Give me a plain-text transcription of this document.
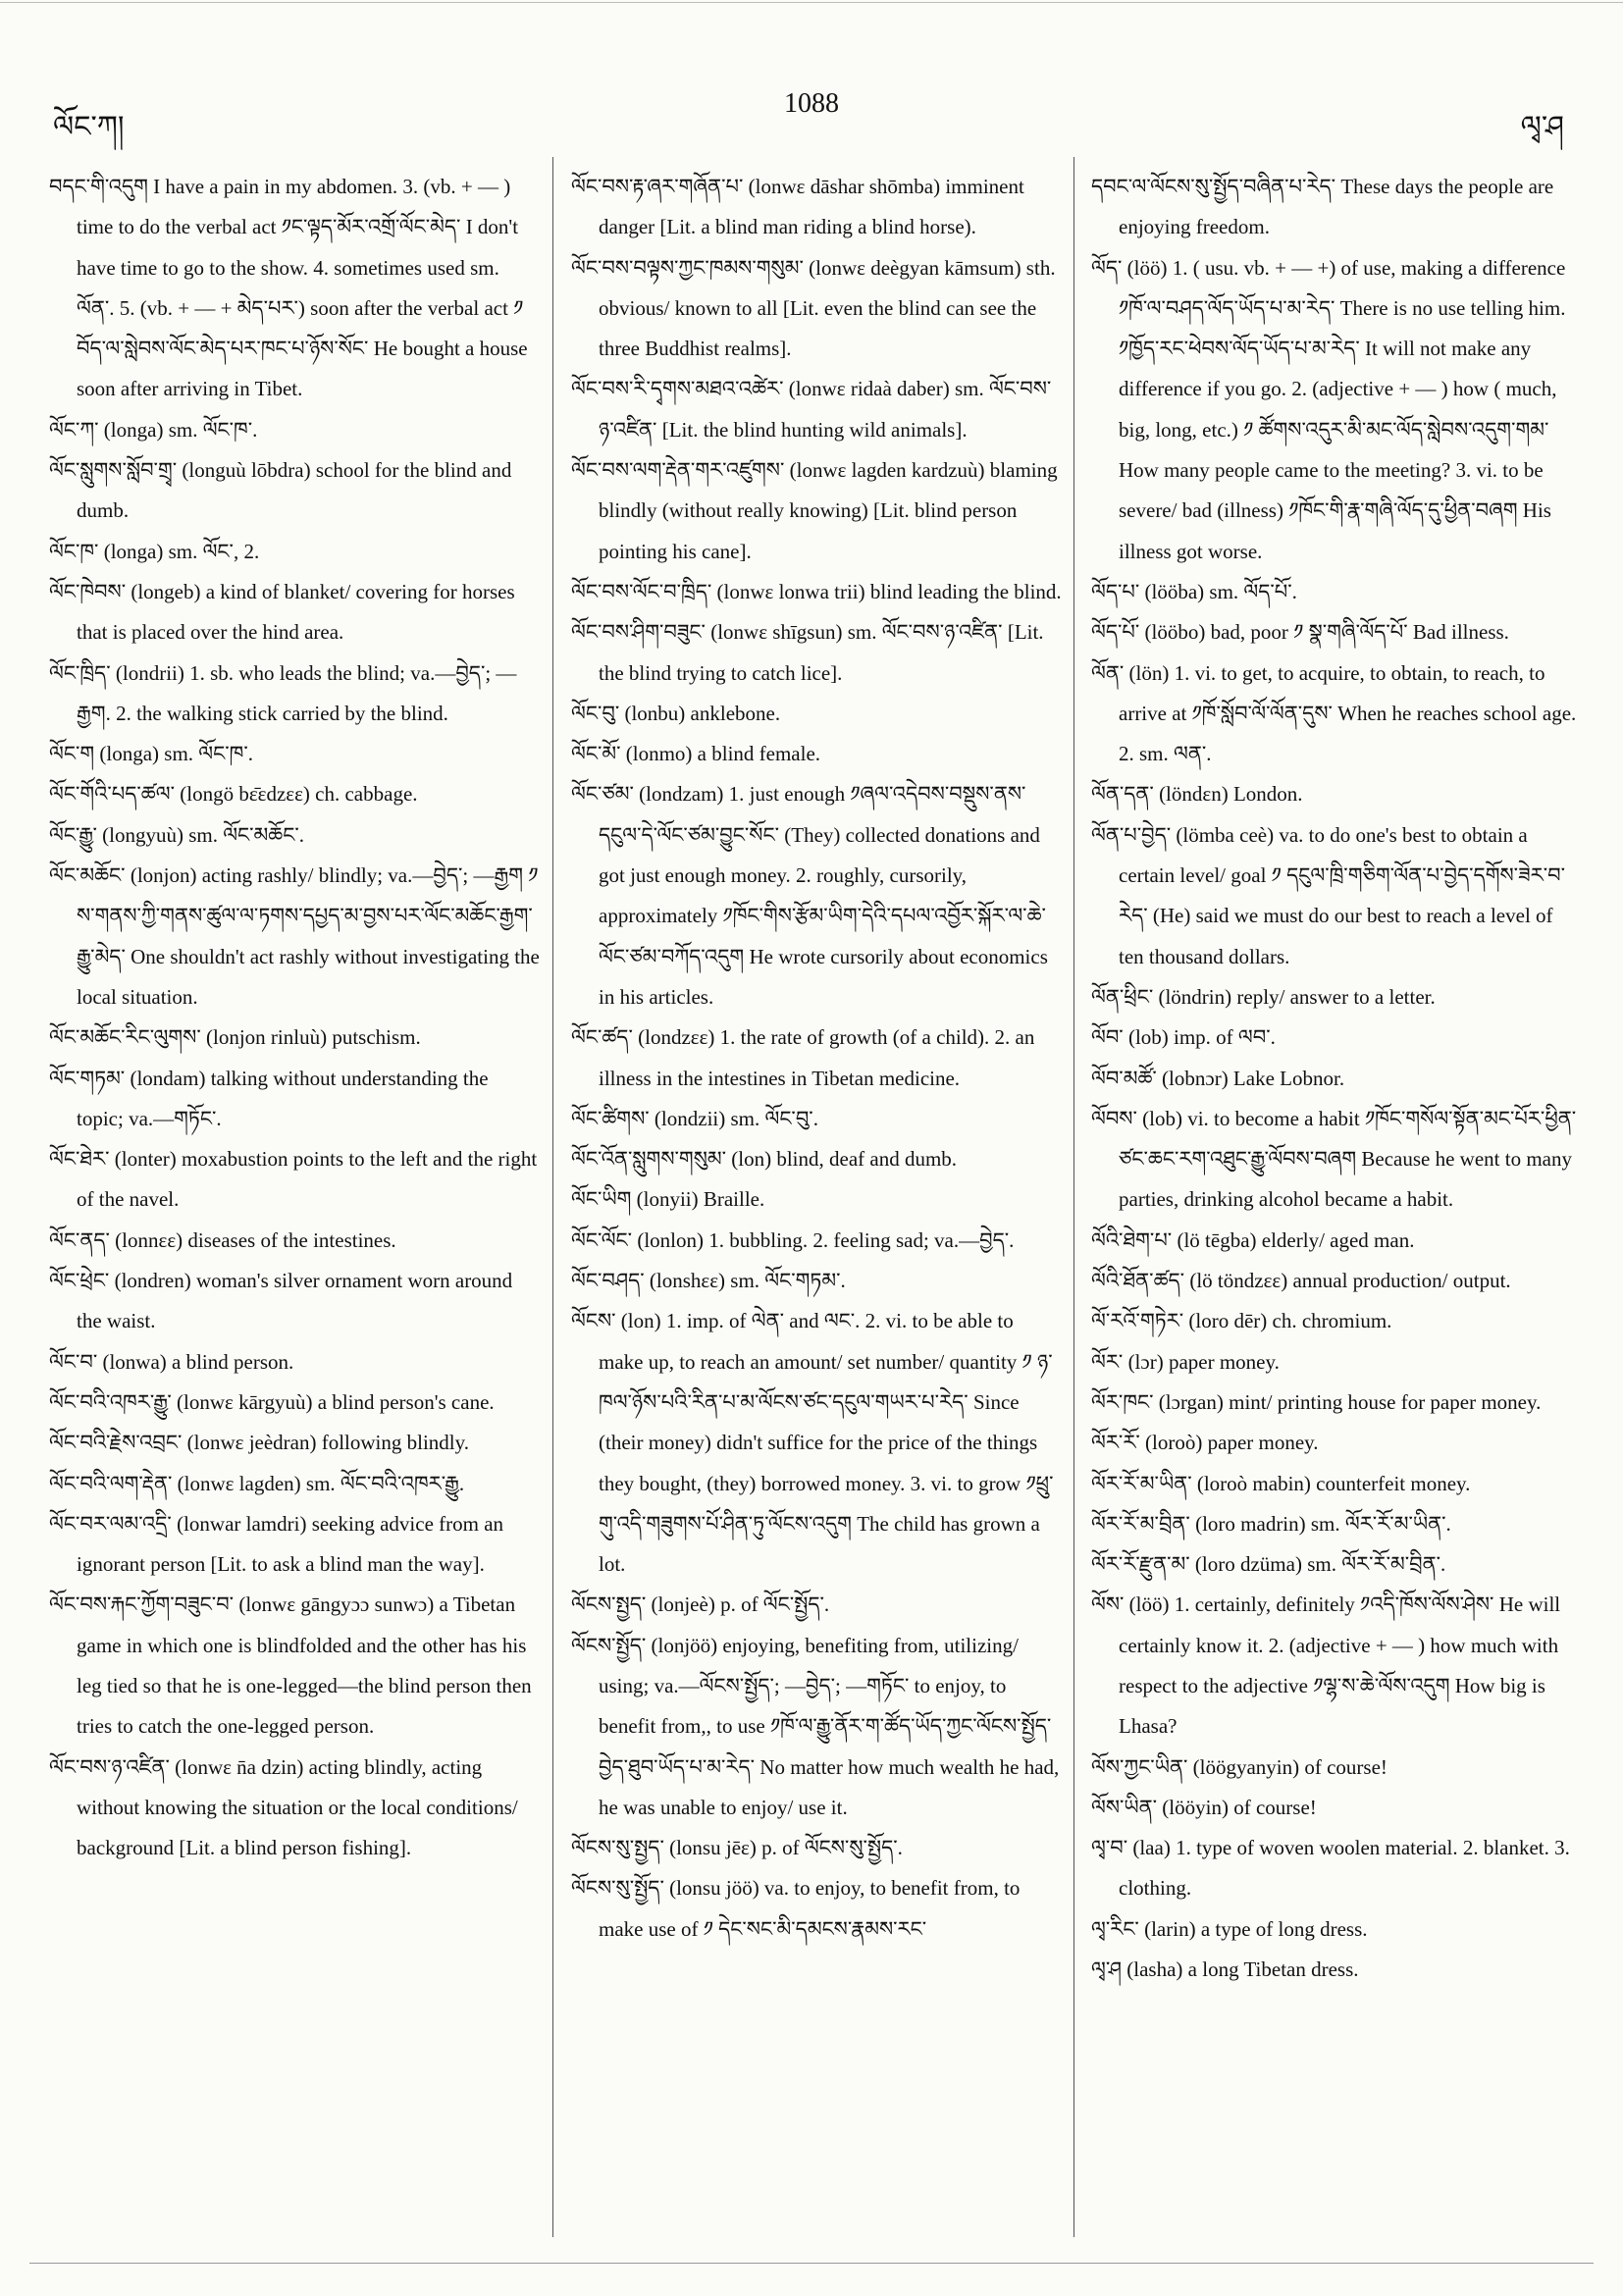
ལོང་ཀ།
1088
ལྭ་ཤ

བདང་གི་འདུག I have a pain in my abdomen. 3. (vb. + — ) time to do the verbal act ༡ང་ལྟད་མོར་འགྲོ་ལོང་མེད་ I don't have time to go to the show. 4. sometimes used sm. ལོན་. 5. (vb. + — + མེད་པར་) soon after the verbal act ༡ བོད་ལ་སླེབས་ལོང་མེད་པར་ཁང་པ་ཉོས་སོང་ He bought a house soon after arriving in Tibet.

ལོང་ཀ་ (longa) sm. ལོང་ཁ་.

ལོང་སླུགས་སློབ་གྲྭ་ (longuù lōbdra) school for the blind and dumb.

ལོང་ཁ་ (longa) sm. ལོང་, 2.

ལོང་ཁེབས་ (longeb) a kind of blanket/ covering for horses that is placed over the hind area.

ལོང་ཁྲིད་ (londrii) 1. sb. who leads the blind; va.—བྱེད་; —རྒྱག. 2. the walking stick carried by the blind.

ལོང་ག (longa) sm. ལོང་ཁ་.

ལོང་གོའི་པད་ཚལ་ (longö bɛ̄ɛdzɛɛ) ch. cabbage.

ལོང་རྒྱུ་ (longyuù) sm. ལོང་མཆོང་.

ལོང་མཆོང་ (lonjon) acting rashly/ blindly; va.—བྱེད་; —རྒྱག ༡ ས་གནས་ཀྱི་གནས་ཚུལ་ལ་ཏགས་དཔྱད་མ་བྱས་པར་ལོང་མཆོང་རྒྱག་རྒྱུ་མེད་ One shouldn't act rashly without investigating the local situation.

ལོང་མཆོང་རིང་ལུགས་ (lonjon rinluù) putschism.

ལོང་གཏམ་ (londam) talking without understanding the topic; va.—གཏོང་.

ལོང་ཐེར་ (lonter) moxabustion points to the left and the right of the navel.

ལོང་ནད་ (lonnɛɛ) diseases of the intestines.

ལོང་ཕྲེང་ (londren) woman's silver ornament worn around the waist.

ལོང་བ་ (lonwa) a blind person.

ལོང་བའི་འཁར་རྒྱུ་ (lonwɛ kārgyuù) a blind person's cane.

ལོང་བའི་རྗེས་འབྲང་ (lonwɛ jeèdran) following blindly.

ལོང་བའི་ལག་རྡེན་ (lonwɛ lagden) sm. ལོང་བའི་འཁར་རྒྱུ.

ལོང་བར་ལམ་འདྲི་ (lonwar lamdri) seeking advice from an ignorant person [Lit. to ask a blind man the way].

ལོང་བས་རྐང་ཀྱོག་བཟུང་བ་ (lonwɛ gāngyɔɔ sunwɔ) a Tibetan game in which one is blindfolded and the other has his leg tied so that he is one-legged—the blind person then tries to catch the one-legged person.

ལོང་བས་ཉ་འཛིན་ (lonwɛ n̄a dzin) acting blindly, acting without knowing the situation or the local conditions/ background [Lit. a blind person fishing].

ལོང་བས་རྟ་ཞར་གཞོན་པ་ (lonwɛ dāshar shōmba) imminent danger [Lit. a blind man riding a blind horse).

ལོང་བས་བལྟས་ཀྱང་ཁམས་གསུམ་ (lonwɛ deègyan kāmsum) sth. obvious/ known to all [Lit. even the blind can see the three Buddhist realms].

ལོང་བས་རི་དྭགས་མཐའ་འཚེར་ (lonwɛ ridaà daber) sm. ལོང་བས་ཉ་འཛིན་ [Lit. the blind hunting wild animals].

ལོང་བས་ལག་རྡེན་གར་འཛུགས་ (lonwɛ lagden kardzuù) blaming blindly (without really knowing) [Lit. blind person pointing his cane].

ལོང་བས་ལོང་བ་ཁྲིད་ (lonwɛ lonwa trii) blind leading the blind.

ལོང་བས་ཤིག་བཟུང་ (lonwɛ shīgsun) sm. ལོང་བས་ཉ་འཛིན་ [Lit. the blind trying to catch lice].

ལོང་བུ་ (lonbu) anklebone.

ལོང་མོ་ (lonmo) a blind female.

ལོང་ཙམ་ (londzam) 1. just enough ༡ཞལ་འདེབས་བསྡུས་ནས་དངུལ་དེ་ལོང་ཙམ་བྱུང་སོང་ (They) collected donations and got just enough money. 2. roughly, cursorily, approximately ༡ཁོང་གིས་རྩོམ་ཡིག་དེའི་དཔལ་འབྱོར་སྐོར་ལ་ཆེ་ལོང་ཙམ་བཀོད་འདུག He wrote cursorily about economics in his articles.

ལོང་ཚད་ (londzɛɛ) 1. the rate of growth (of a child). 2. an illness in the intestines in Tibetan medicine.

ལོང་ཚིགས་ (londzii) sm. ལོང་བུ་.

ལོང་འོན་སླུགས་གསུམ་ (lon) blind, deaf and dumb.

ལོང་ཡིག (lonyii) Braille.

ལོང་ལོང་ (lonlon) 1. bubbling. 2. feeling sad; va.—བྱེད་.

ལོང་བཤད་ (lonshɛɛ) sm. ལོང་གཏམ་.

ལོངས་ (lon) 1. imp. of ལེན་ and ལང་. 2. vi. to be able to make up, to reach an amount/ set number/ quantity ༡ ཉ་ཁལ་ཉོས་པའི་རིན་པ་མ་ལོངས་ཙང་དངུལ་གཡར་པ་རེད་ Since (their money) didn't suffice for the price of the things they bought, (they) borrowed money. 3. vi. to grow ༡ཕྲུ་གུ་འདི་གཟུགས་པོ་ཤིན་ཏུ་ལོངས་འདུག The child has grown a lot.

ལོངས་སྤྱད་ (lonjeè) p. of ལོང་སྤྱོད་.

ལོངས་སྤྱོད་ (lonjöö) enjoying, benefiting from, utilizing/ using; va.—ལོངས་སྤྱོད་; —བྱེད་; —གཏོང་ to enjoy, to benefit from,, to use ༡ཁོ་ལ་རྒྱུ་ནོར་ག་ཚོད་ཡོད་ཀྱང་ལོངས་སྤྱོད་བྱེད་ཐུབ་ཡོད་པ་མ་རེད་ No matter how much wealth he had, he was unable to enjoy/ use it.

ལོངས་སུ་སྤྱད་ (lonsu jēɛ) p. of ལོངས་སུ་སྤྱོད་.

ལོངས་སུ་སྤྱོད་ (lonsu jöö) va. to enjoy, to benefit from, to make use of ༡ དེང་སང་མི་དམངས་རྣམས་རང་

དབང་ལ་ལོངས་སུ་སྤྱོད་བཞིན་པ་རེད་ These days the people are enjoying freedom.

ལོད་ (löö) 1. ( usu. vb. + — +) of use, making a difference ༡ཁོ་ལ་བཤད་ལོད་ཡོད་པ་མ་རེད་ There is no use telling him. ༡ཁྱོད་རང་ཕེབས་ལོད་ཡོད་པ་མ་རེད་ It will not make any difference if you go. 2. (adjective + — ) how ( much, big, long, etc.) ༡ ཚོགས་འདུར་མི་མང་ལོད་སླེབས་འདུག་གམ་ How many people came to the meeting? 3. vi. to be severe/ bad (illness) ༡ཁོང་གི་རྣ་གཞི་ལོད་དུ་ཕྱིན་བཞག His illness got worse.

ལོད་པ་ (lööba) sm. ལོད་པོ་.

ལོད་པོ་ (lööbo) bad, poor ༡ སྣ་གཞི་ལོད་པོ་ Bad illness.

ལོན་ (lön) 1. vi. to get, to acquire, to obtain, to reach, to arrive at ༡ཁོ་སློབ་ལོ་ལོན་དུས་ When he reaches school age. 2. sm. ལན་.

ལོན་དན་ (löndɛn) London.

ལོན་པ་བྱེད་ (lömba ceè) va. to do one's best to obtain a certain level/ goal ༡ དངུལ་ཁྲི་གཅིག་ལོན་པ་བྱེད་དགོས་ཟེར་བ་རེད་ (He) said we must do our best to reach a level of ten thousand dollars.

ལོན་ཕྲིང་ (löndrin) reply/ answer to a letter.

ལོབ་ (lob) imp. of ལབ་.

ལོབ་མཚོ་ (lobnɔr) Lake Lobnor.

ལོབས་ (lob) vi. to become a habit ༡ཁོང་གསོལ་སྟོན་མང་པོར་ཕྱིན་ཙང་ཆང་རག་འཐུང་རྒྱུ་ལོབས་བཞག Because he went to many parties, drinking alcohol became a habit.

ལོའི་ཐེག་པ་ (lö tēgba) elderly/ aged man.

ལོའི་ཐོན་ཚད་ (lö töndzɛɛ) annual production/ output.

ལོ་རའོ་གཏེར་ (loro dēr) ch. chromium.

ལོར་ (lɔr) paper money.

ལོར་ཁང་ (lɔrgan) mint/ printing house for paper money.

ལོར་རོ་ (loroò) paper money.

ལོར་རོ་མ་ཡིན་ (loroò mabin) counterfeit money.

ལོར་རོ་མ་བྲིན་ (loro madrin) sm. ལོར་རོ་མ་ཡིན་.

ལོར་རོ་རྫུན་མ་ (loro dzüma) sm. ལོར་རོ་མ་བྲིན་.

ལོས་ (löö) 1. certainly, definitely ༡འདི་ཁོས་ལོས་ཤེས་ He will certainly know it. 2. (adjective + — ) how much with respect to the adjective ༡ལྷ་ས་ཆེ་ལོས་འདུག How big is Lhasa?

ལོས་ཀྱང་ཡིན་ (löögyanyin) of course!

ལོས་ཡིན་ (lööyin) of course!

ལྭ་བ་ (laa) 1. type of woven woolen material. 2. blanket. 3. clothing.

ལྭ་རིང་ (larin) a type of long dress.

ལྭ་ཤ (lasha) a long Tibetan dress.
